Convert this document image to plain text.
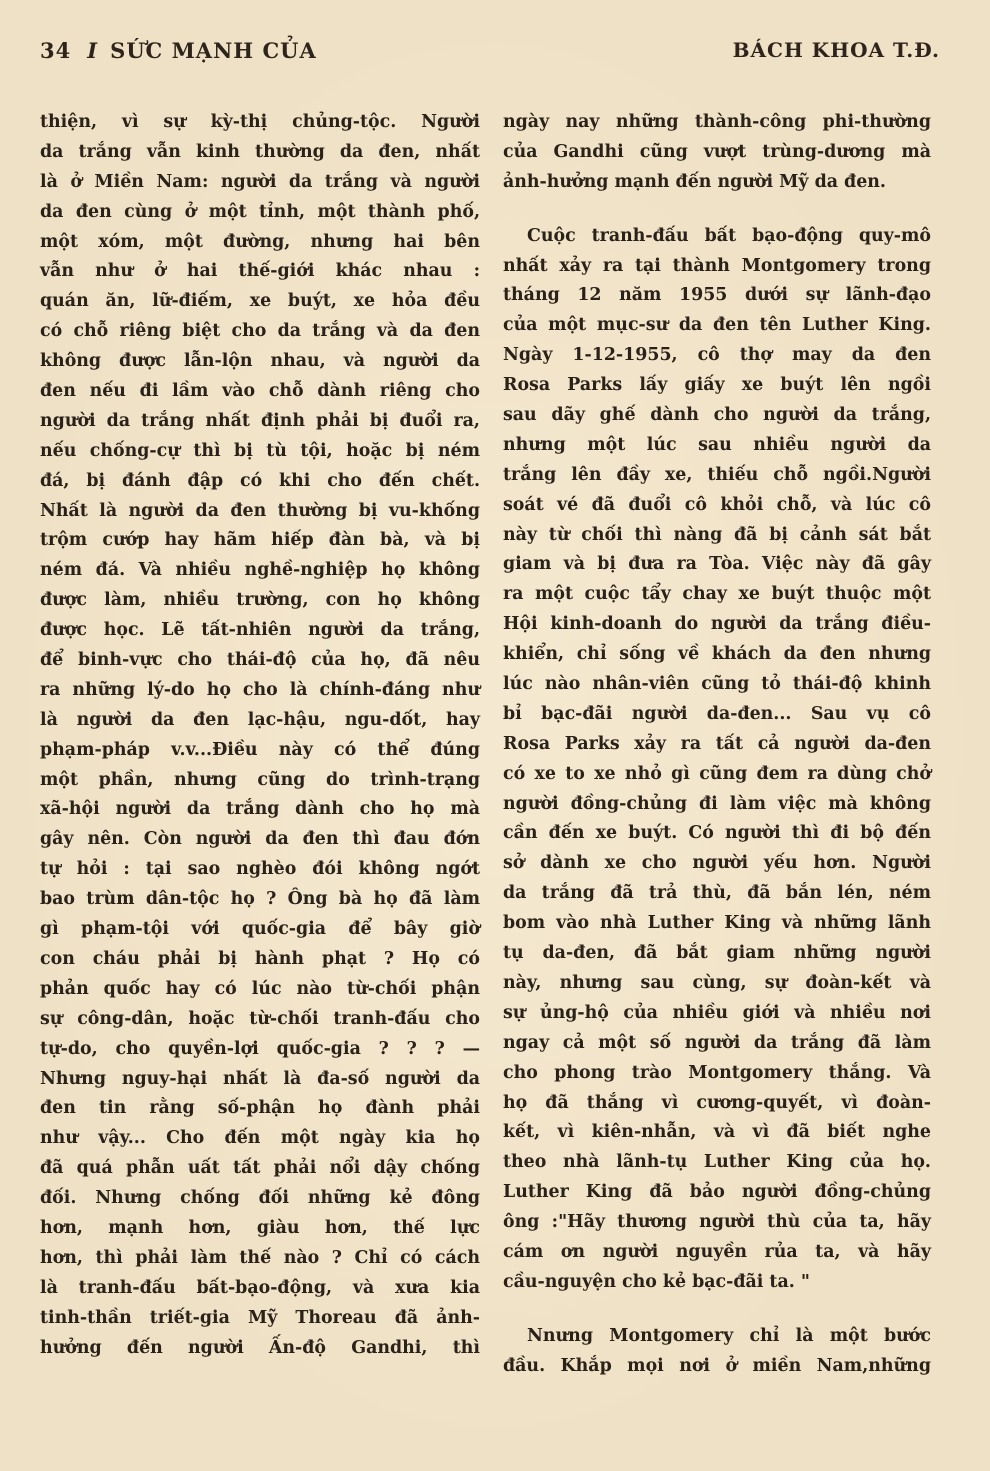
34 I SỨC MẠNH CỦA	BÁCH KHOA T.Đ.
thiện, vì sự kỳ-thị chủng-tộc. Người
da trắng vẫn kinh thường da đen, nhất
là ở Miền Nam: người da trắng và người
da đen cùng ở một tỉnh, một thành phố,
một xóm, một đường, nhưng hai bên
vẫn như ở hai thế-giới khác nhau :
quán ăn, lữ-điếm, xe buýt, xe hỏa đều
có chỗ riêng biệt cho da trắng và da đen
không được lẫn-lộn nhau, và người da
đen nếu đi lầm vào chỗ dành riêng cho
người da trắng nhất định phải bị đuổi ra,
nếu chống-cự thì bị tù tội, hoặc bị ném
đá, bị đánh đập có khi cho đến chết.
Nhất là người da đen thường bị vu-khống
trộm cướp hay hãm hiếp đàn bà, và bị
ném đá. Và nhiều nghề-nghiệp họ không
được làm, nhiều trường, con họ không
được học. Lẽ tất-nhiên người da trắng,
để binh-vực cho thái-độ của họ, đã nêu
ra những lý-do họ cho là chính-đáng như
là người da đen lạc-hậu, ngu-dốt, hay
phạm-pháp v.v...Điều này có thể đúng
một phần, nhưng cũng do trình-trạng
xã-hội người da trắng dành cho họ mà
gây nên. Còn người da đen thì đau đớn
tự hỏi : tại sao nghèo đói không ngớt
bao trùm dân-tộc họ ? Ông bà họ đã làm
gì phạm-tội với quốc-gia để bây giờ
con cháu phải bị hành phạt ? Họ có
phản quốc hay có lúc nào từ-chối phận
sự công-dân, hoặc từ-chối tranh-đấu cho
tự-do, cho quyền-lợi quốc-gia ? ? ? —
Nhưng nguy-hại nhất là đa-số người da
đen tin rằng số-phận họ đành phải
như vậy... Cho đến một ngày kia họ
đã quá phẫn uất tất phải nổi dậy chống
đối. Nhưng chống đối những kẻ đông
hơn, mạnh hơn, giàu hơn, thế lực
hơn, thì phải làm thế nào ? Chỉ có cách
là tranh-đấu bất-bạo-động, và xưa kia
tinh-thần triết-gia Mỹ Thoreau đã ảnh-
hưởng đến người Ấn-độ Gandhi, thì
ngày nay những thành-công phi-thường
của Gandhi cũng vượt trùng-dương mà
ảnh-hưởng mạnh đến người Mỹ da đen.
Cuộc tranh-đấu bất bạo-động quy-mô
nhất xảy ra tại thành Montgomery trong
tháng 12 năm 1955 dưới sự lãnh-đạo
của một mục-sư da đen tên Luther King.
Ngày 1-12-1955, cô thợ may da đen
Rosa Parks lấy giấy xe buýt lên ngồi
sau dãy ghế dành cho người da trắng,
nhưng một lúc sau nhiều người da
trắng lên đầy xe, thiếu chỗ ngồi.Người
soát vé đã đuổi cô khỏi chỗ, và lúc cô
này từ chối thì nàng đã bị cảnh sát bắt
giam và bị đưa ra Tòa. Việc này đã gây
ra một cuộc tẩy chay xe buýt thuộc một
Hội kinh-doanh do người da trắng điều-
khiển, chỉ sống về khách da đen nhưng
lúc nào nhân-viên cũng tỏ thái-độ khinh
bỉ bạc-đãi người da-đen... Sau vụ cô
Rosa Parks xảy ra tất cả người da-đen
có xe to xe nhỏ gì cũng đem ra dùng chở
người đồng-chủng đi làm việc mà không
cần đến xe buýt. Có người thì đi bộ đến
sở dành xe cho người yếu hơn. Người
da trắng đã trả thù, đã bắn lén, ném
bom vào nhà Luther King và những lãnh
tụ da-đen, đã bắt giam những người
này, nhưng sau cùng, sự đoàn-kết và
sự ủng-hộ của nhiều giới và nhiều nơi
ngay cả một số người da trắng đã làm
cho phong trào Montgomery thắng. Và
họ đã thắng vì cương-quyết, vì đoàn-
kết, vì kiên-nhẫn, và vì đã biết nghe
theo nhà lãnh-tụ Luther King của họ.
Luther King đã bảo người đồng-chủng
ông :"Hãy thương người thù của ta, hãy
cám ơn người nguyền rủa ta, và hãy
cầu-nguyện cho kẻ bạc-đãi ta. "
Nnưng Montgomery chỉ là một bước
đầu. Khắp mọi nơi ở miền Nam,những
